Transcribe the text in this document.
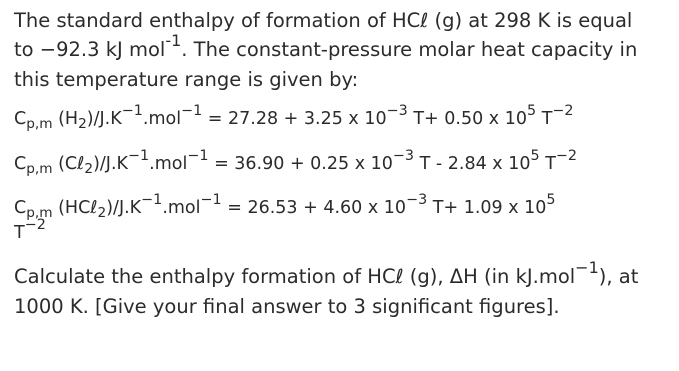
The standard enthalpy of formation of HCℓ (g) at 298 K is equal
to −92.3 kJ mol$^{-1}$. The constant-pressure molar heat capacity in
this temperature range is given by:

$C_{p,m}$ $(H_2)/J.K^{-1}.mol^{-1} = 27.28 + 3.25$ x $10^{-3}$ T+ 0.50 x $10^5$ $T^{-2}$

$C_{p,m}$ $(C\ell_2)/J.K^{-1}.mol^{-1} = 36.90 + 0.25$ x $10^{-3}$ T - 2.84 x $10^5$ $T^{-2}$

$C_{p,m}$ $(HC\ell_2)/J.K^{-1}.mol^{-1} = 26.53 + 4.60$ x $10^{-3}$ T+ 1.09 x $10^5$
$T^{-2}$

Calculate the enthalpy formation of HCℓ (g), ΔH (in kJ.mol$^{-1}$), at
1000 K. [Give your final answer to 3 significant figures].
